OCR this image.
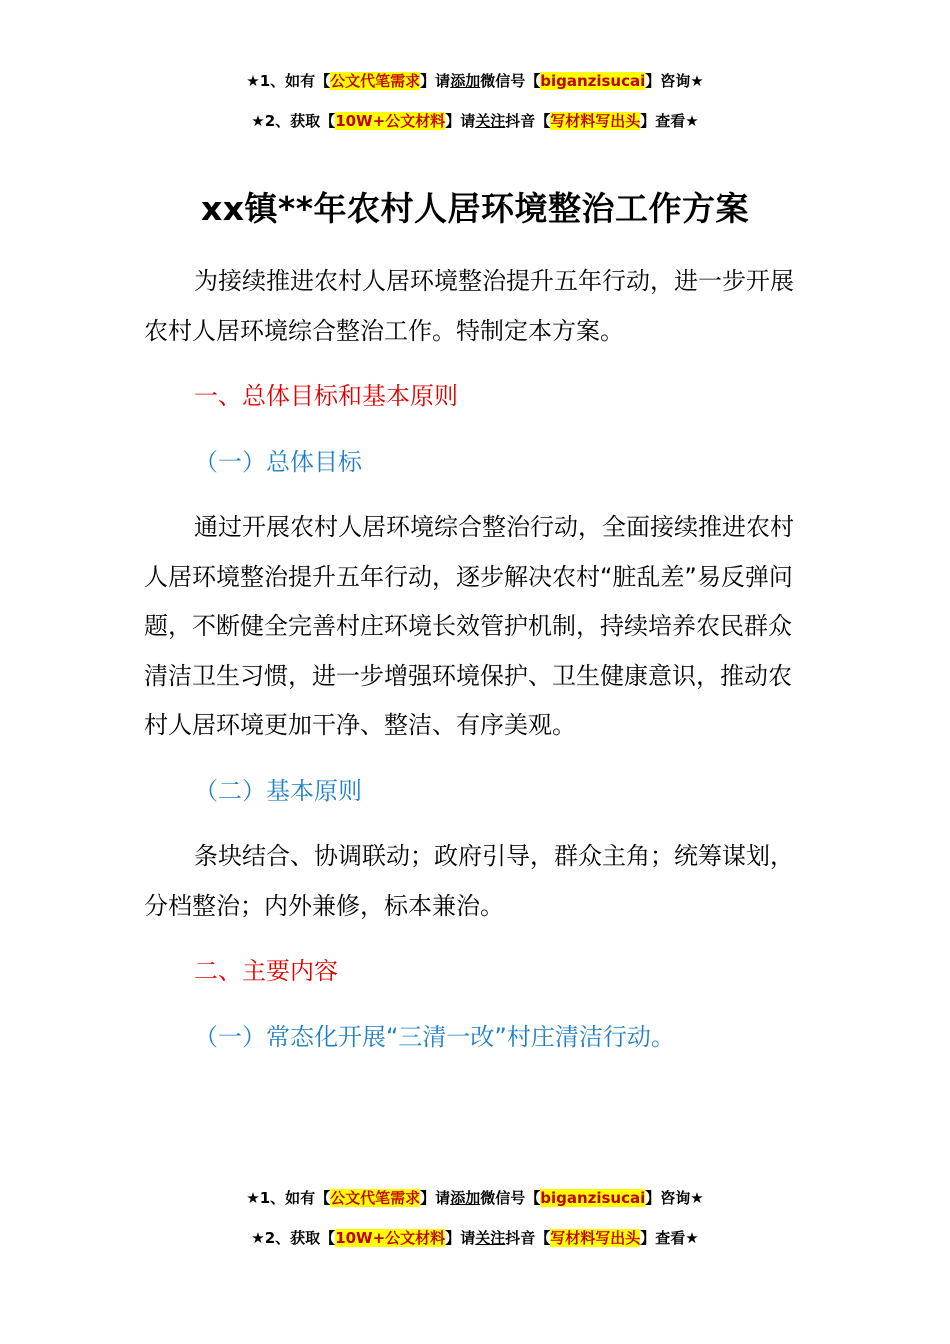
★1、如有【公文代笔需求】请添加微信号【biganzisucai】咨询★
★2、获取【10W+公文材料】请关注抖音【写材料写出头】查看★
xx镇**年农村人居环境整治工作方案

为接续推进农村人居环境整治提升五年行动，进一步开展农村人居环境综合整治工作。特制定本方案。

一、总体目标和基本原则

（一）总体目标

通过开展农村人居环境综合整治行动，全面接续推进农村人居环境整治提升五年行动，逐步解决农村“脏乱差”易反弹问题，不断健全完善村庄环境长效管护机制，持续培养农民群众清洁卫生习惯，进一步增强环境保护、卫生健康意识，推动农村人居环境更加干净、整洁、有序美观。

（二）基本原则

条块结合、协调联动；政府引导，群众主角；统筹谋划，分档整治；内外兼修，标本兼治。

二、主要内容

（一）常态化开展“三清一改”村庄清洁行动。

★1、如有【公文代笔需求】请添加微信号【biganzisucai】咨询★
★2、获取【10W+公文材料】请关注抖音【写材料写出头】查看★
